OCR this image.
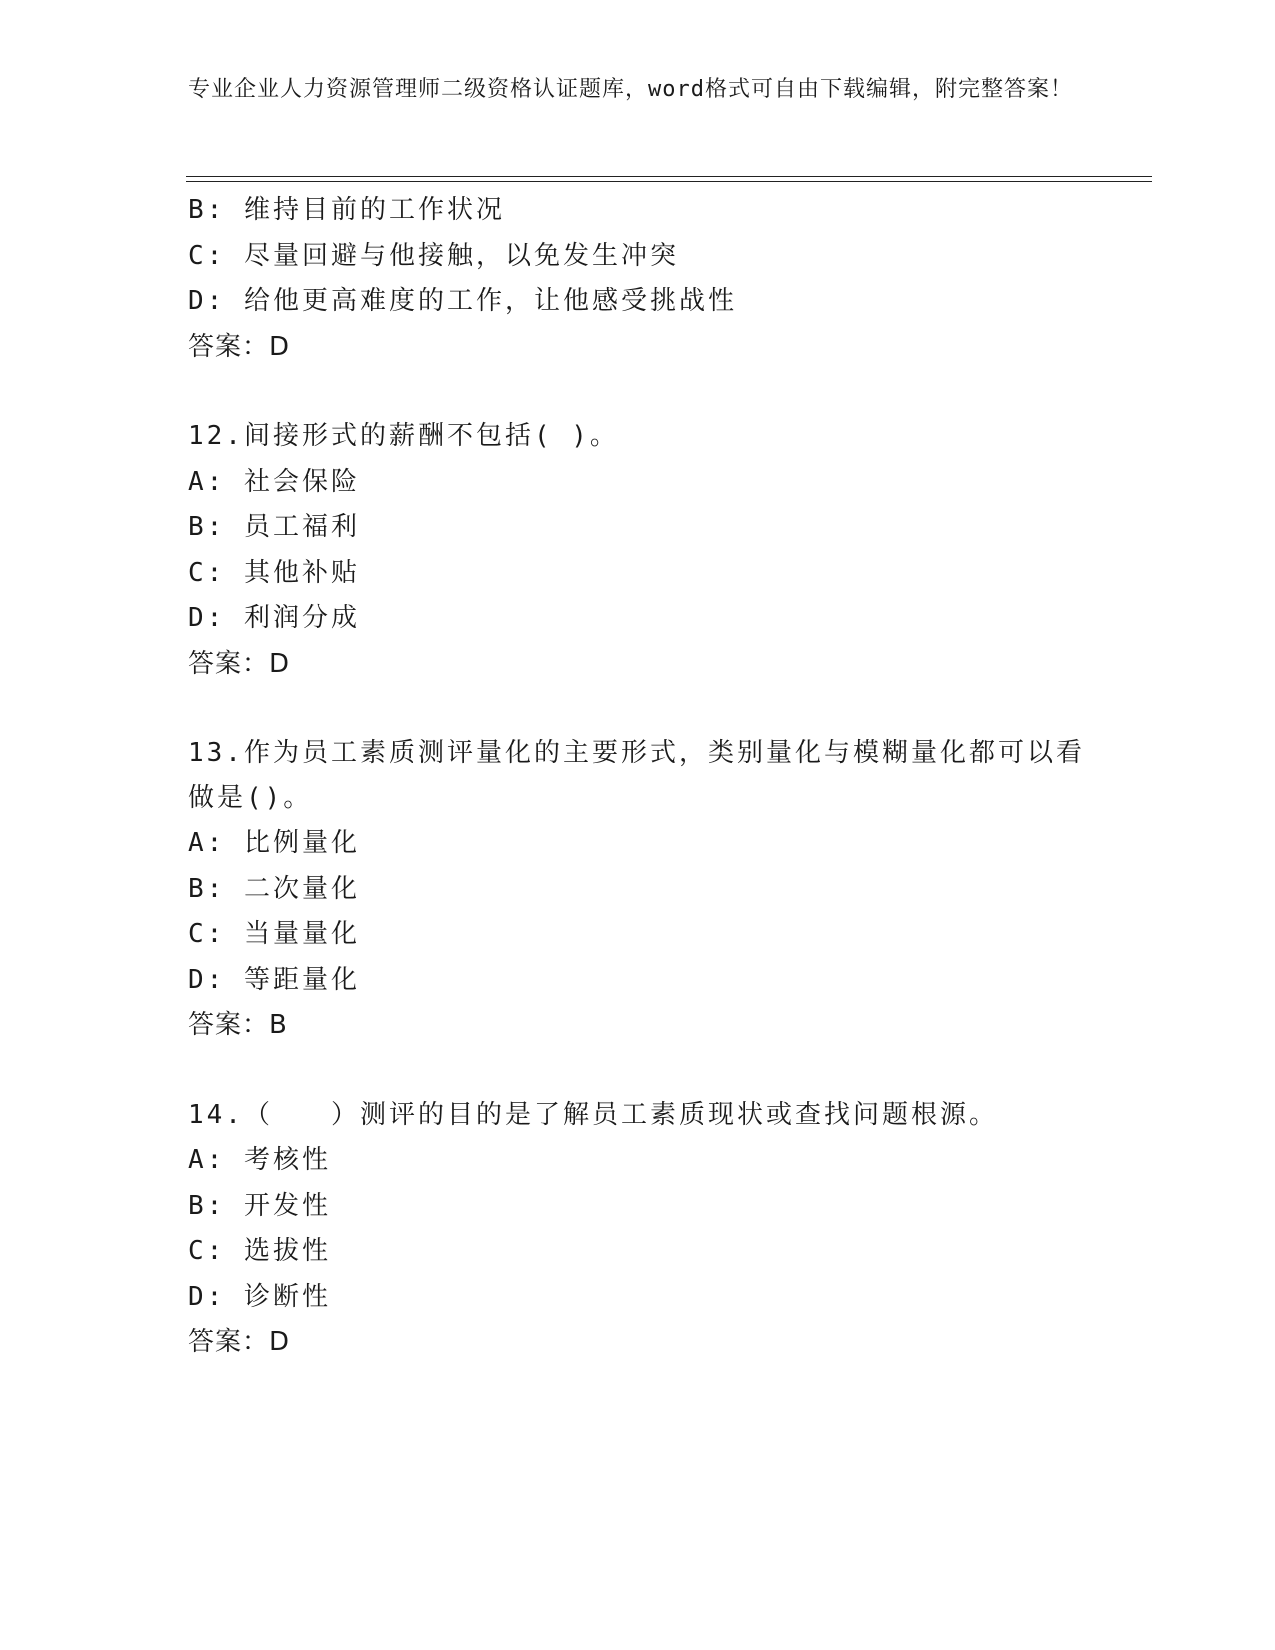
专业企业人力资源管理师二级资格认证题库，word格式可自由下载编辑，附完整答案！
B: 维持目前的工作状况
C: 尽量回避与他接触，以免发生冲突
D: 给他更高难度的工作，让他感受挑战性
答案：D
12.间接形式的薪酬不包括( )。
A: 社会保险
B: 员工福利
C: 其他补贴
D: 利润分成
答案：D
13.作为员工素质测评量化的主要形式，类别量化与模糊量化都可以看做是()。
A: 比例量化
B: 二次量化
C: 当量量化
D: 等距量化
答案：B
14.（　　）测评的目的是了解员工素质现状或查找问题根源。
A: 考核性
B: 开发性
C: 选拔性
D: 诊断性
答案：D
